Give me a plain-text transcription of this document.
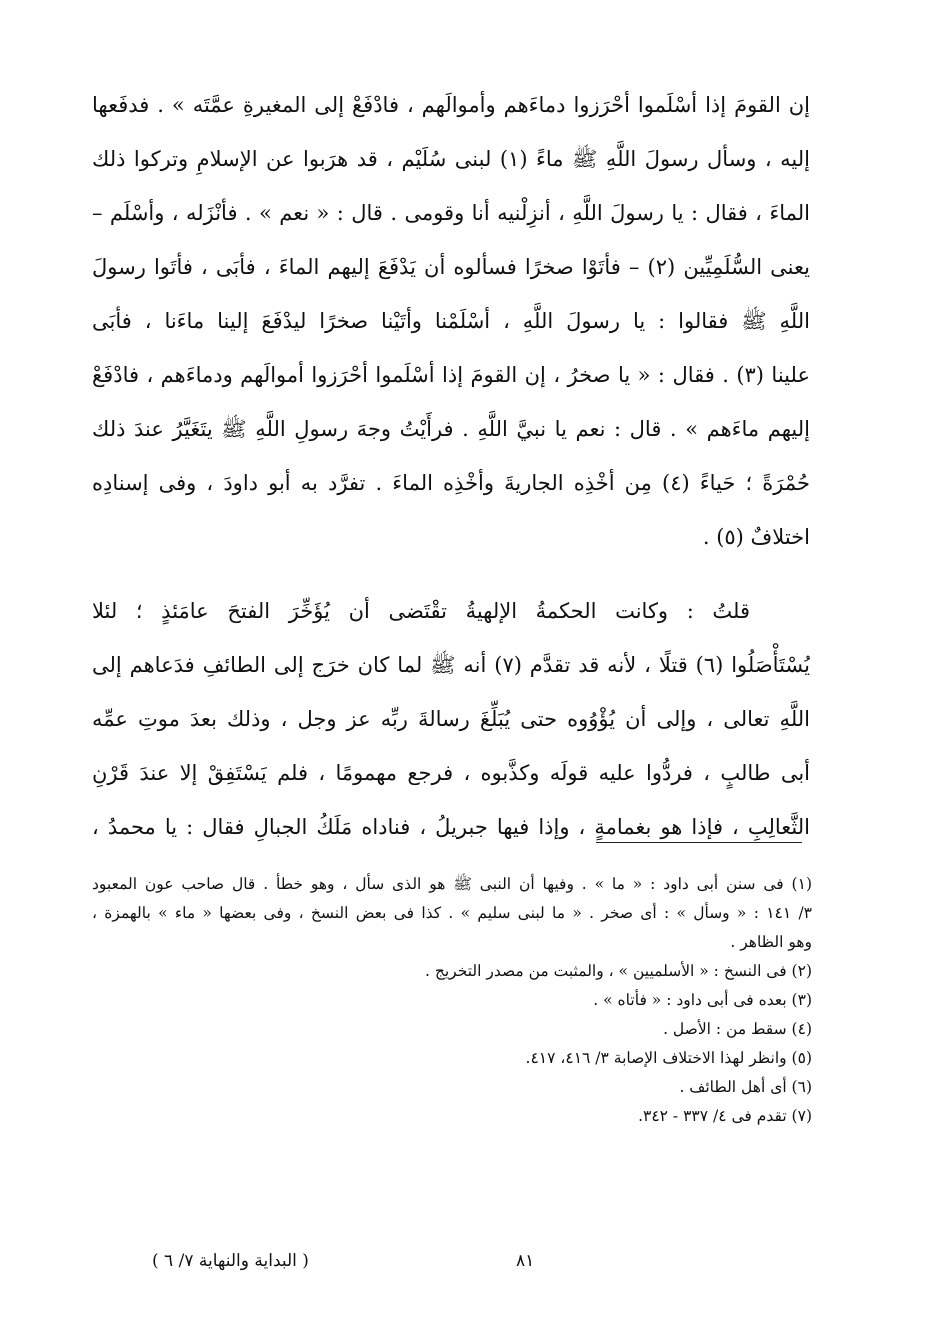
إن القومَ إذا أسْلَموا أحْرَزوا دماءَهم وأموالَهم ، فادْفَعْ إلى المغيرةِ عمَّتَه » . فدفَعها
إليه ، وسأل رسولَ اللَّهِ ﷺ ماءً (١) لبنى سُلَيْم ، قد هرَبوا عن الإسلامِ وتركوا ذلك
الماءَ ، فقال : يا رسولَ اللَّهِ ، أنزِلْنيه أنا وقومى . قال : « نعم » . فأنْزَله ، وأسْلَم –
يعنى السُّلَمِيِّين (٢) – فأتَوْا صخرًا فسألوه أن يَدْفَعَ إليهم الماءَ ، فأبَى ، فأتَوا رسولَ
اللَّهِ ﷺ فقالوا : يا رسولَ اللَّهِ ، أسْلَمْنا وأتَيْنا صخرًا ليدْفَعَ إلينا ماءَنا ، فأبَى
علينا (٣) . فقال : « يا صخرُ ، إن القومَ إذا أسْلَموا أحْرَزوا أموالَهم ودماءَهم ، فادْفَعْ
إليهم ماءَهم » . قال : نعم يا نبيَّ اللَّهِ . فرأَيْتُ وجهَ رسولِ اللَّهِ ﷺ يتَغَيَّرُ عندَ ذلك
حُمْرَةً ؛ حَياءً (٤) مِن أخْذِه الجاريةَ وأخْذِه الماءَ . تفرَّد به أبو داودَ ، وفى إسنادِه
اختلافٌ (٥) .
قلتُ : وكانت الحكمةُ الإلهيةُ تقْتَضى أن يُؤَخِّرَ الفتحَ عامَئذٍ ؛ لئلا
يُسْتَأْصَلُوا (٦) قتلًا ، لأنه قد تقدَّم (٧) أنه ﷺ لما كان خرَج إلى الطائفِ فدَعاهم إلى
اللَّهِ تعالى ، وإلى أن يُؤْوُوه حتى يُبَلِّغَ رسالةَ ربِّه عز وجل ، وذلك بعدَ موتِ عمِّه
أبى طالبٍ ، فردُّوا عليه قولَه وكذَّبوه ، فرجع مهمومًا ، فلم يَسْتَفِقْ إلا عندَ قَرْنِ
الثَّعالِبِ ، فإذا هو بغمامةٍ ، وإذا فيها جبريلُ ، فناداه مَلَكُ الجبالِ فقال : يا محمدُ ،
(١) فى سنن أبى داود : « ما » . وفيها أن النبى ﷺ هو الذى سأل ، وهو خطأ . قال صاحب عون المعبود
٣/ ١٤١ : « وسأل » : أى صخر . « ما لبنى سليم » . كذا فى بعض النسخ ، وفى بعضها « ماء » بالهمزة ،
وهو الظاهر .
(٢) فى النسخ : « الأسلميين » ، والمثبت من مصدر التخريج .
(٣) بعده فى أبى داود : « فأتاه » .
(٤) سقط من : الأصل .
(٥) وانظر لهذا الاختلاف الإصابة ٣/ ٤١٦، ٤١٧.
(٦) أى أهل الطائف .
(٧) تقدم فى ٤/ ٣٣٧ - ٣٤٢.
٨١
( البداية والنهاية ٧/ ٦ )
